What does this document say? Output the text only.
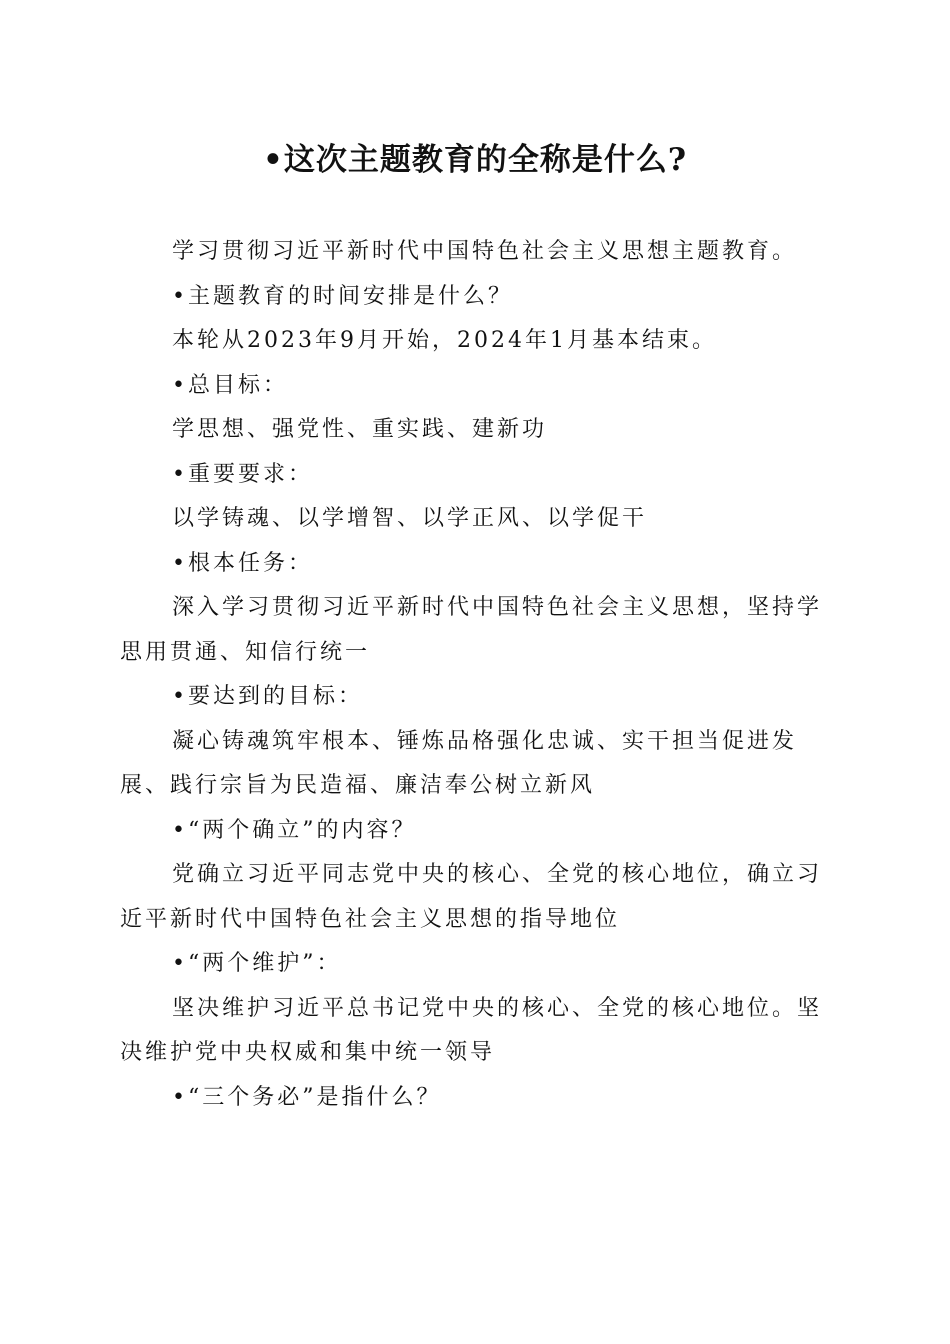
•这次主题教育的全称是什么?

学习贯彻习近平新时代中国特色社会主义思想主题教育。

•主题教育的时间安排是什么？

本轮从2023年9月开始，2024年1月基本结束。

•总目标：

学思想、强党性、重实践、建新功

•重要要求：

以学铸魂、以学增智、以学正风、以学促干

•根本任务：

深入学习贯彻习近平新时代中国特色社会主义思想，坚持学思用贯通、知信行统一

•要达到的目标：

凝心铸魂筑牢根本、锤炼品格强化忠诚、实干担当促进发展、践行宗旨为民造福、廉洁奉公树立新风

•“两个确立”的内容？

党确立习近平同志党中央的核心、全党的核心地位，确立习近平新时代中国特色社会主义思想的指导地位

•“两个维护”：

坚决维护习近平总书记党中央的核心、全党的核心地位。坚决维护党中央权威和集中统一领导

•“三个务必”是指什么？
